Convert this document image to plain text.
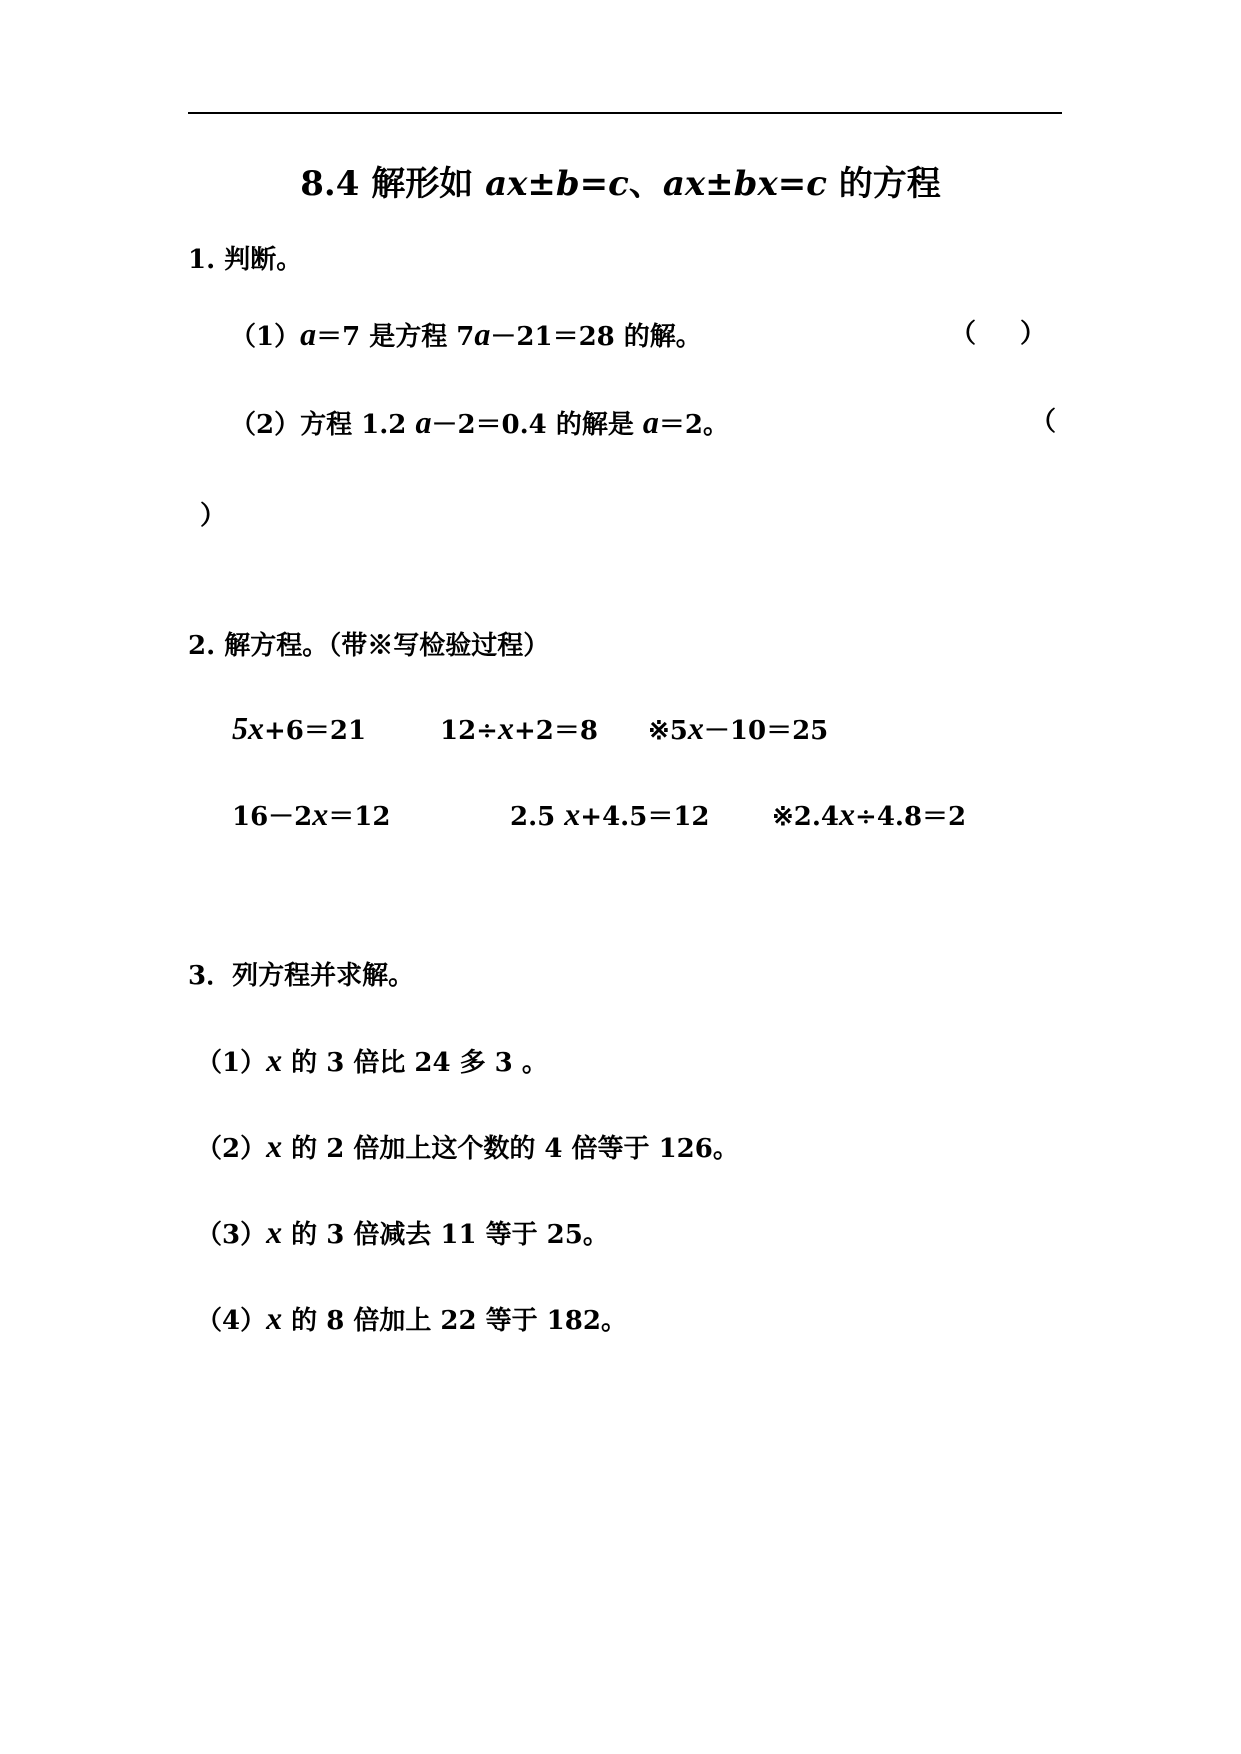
8.4 解形如 ax±b=c、ax±bx=c 的方程
1. 判断。
（1）a＝7 是方程 7a－21＝28 的解。	（ ）
（2）方程 1.2 a－2＝0.4 的解是 a＝2。	（
）
2. 解方程。（带※写检验过程）
5x+6＝21	12÷x+2＝8 ※5x－10＝25
16－2x＝12	2.5 x+4.5＝12 ※2.4x÷4.8＝2
3．列方程并求解。
（1）x 的 3 倍比 24 多 3 。
（2）x 的 2 倍加上这个数的 4 倍等于 126。
（3）x 的 3 倍减去 11 等于 25。
（4）x 的 8 倍加上 22 等于 182。
